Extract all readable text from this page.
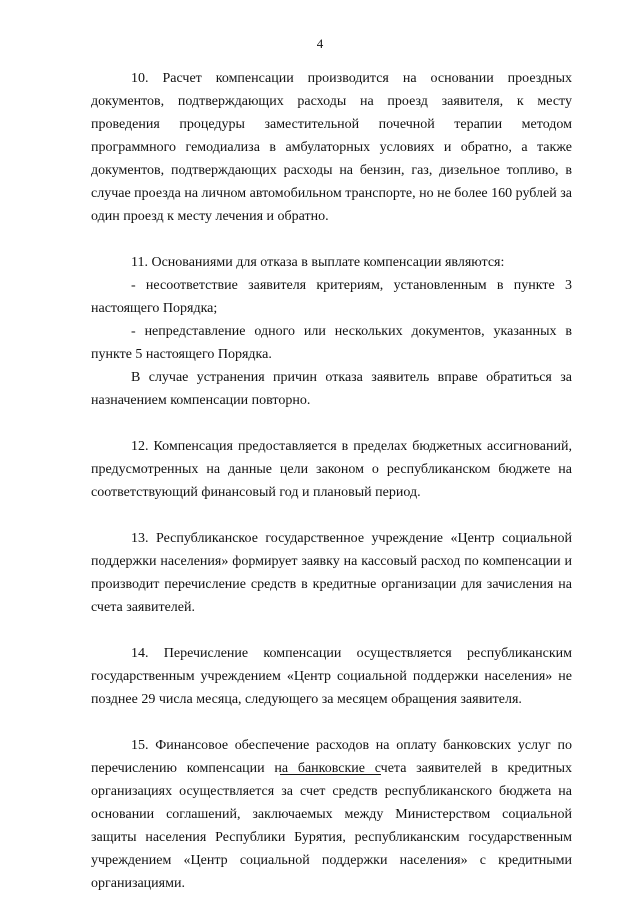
4

10. Расчет компенсации производится на основании проездных документов, подтверждающих расходы на проезд заявителя, к месту проведения процедуры заместительной почечной терапии методом программного гемодиализа в амбулаторных условиях и обратно, а также документов, подтверждающих расходы на бензин, газ, дизельное топливо, в случае проезда на личном автомобильном транспорте, но не более 160 рублей за один проезд к месту лечения и обратно.

11. Основаниями для отказа в выплате компенсации являются:

- несоответствие заявителя критериям, установленным в пункте 3 настоящего Порядка;

- непредставление одного или нескольких документов, указанных в пункте 5 настоящего Порядка.

В случае устранения причин отказа заявитель вправе обратиться за назначением компенсации повторно.

12. Компенсация предоставляется в пределах бюджетных ассигнований, предусмотренных на данные цели законом о республиканском бюджете на соответствующий финансовый год и плановый период.

13. Республиканское государственное учреждение «Центр социальной поддержки населения» формирует заявку на кассовый расход по компенсации и производит перечисление средств в кредитные организации для зачисления на счета заявителей.

14. Перечисление компенсации осуществляется республиканским государственным учреждением «Центр социальной поддержки населения» не позднее 29 числа месяца, следующего за месяцем обращения заявителя.

15. Финансовое обеспечение расходов на оплату банковских услуг по перечислению компенсации на банковские счета заявителей в кредитных организациях осуществляется за счет средств республиканского бюджета на основании соглашений, заключаемых между Министерством социальной защиты населения Республики Бурятия, республиканским государственным учреждением «Центр социальной поддержки населения» с кредитными организациями.
